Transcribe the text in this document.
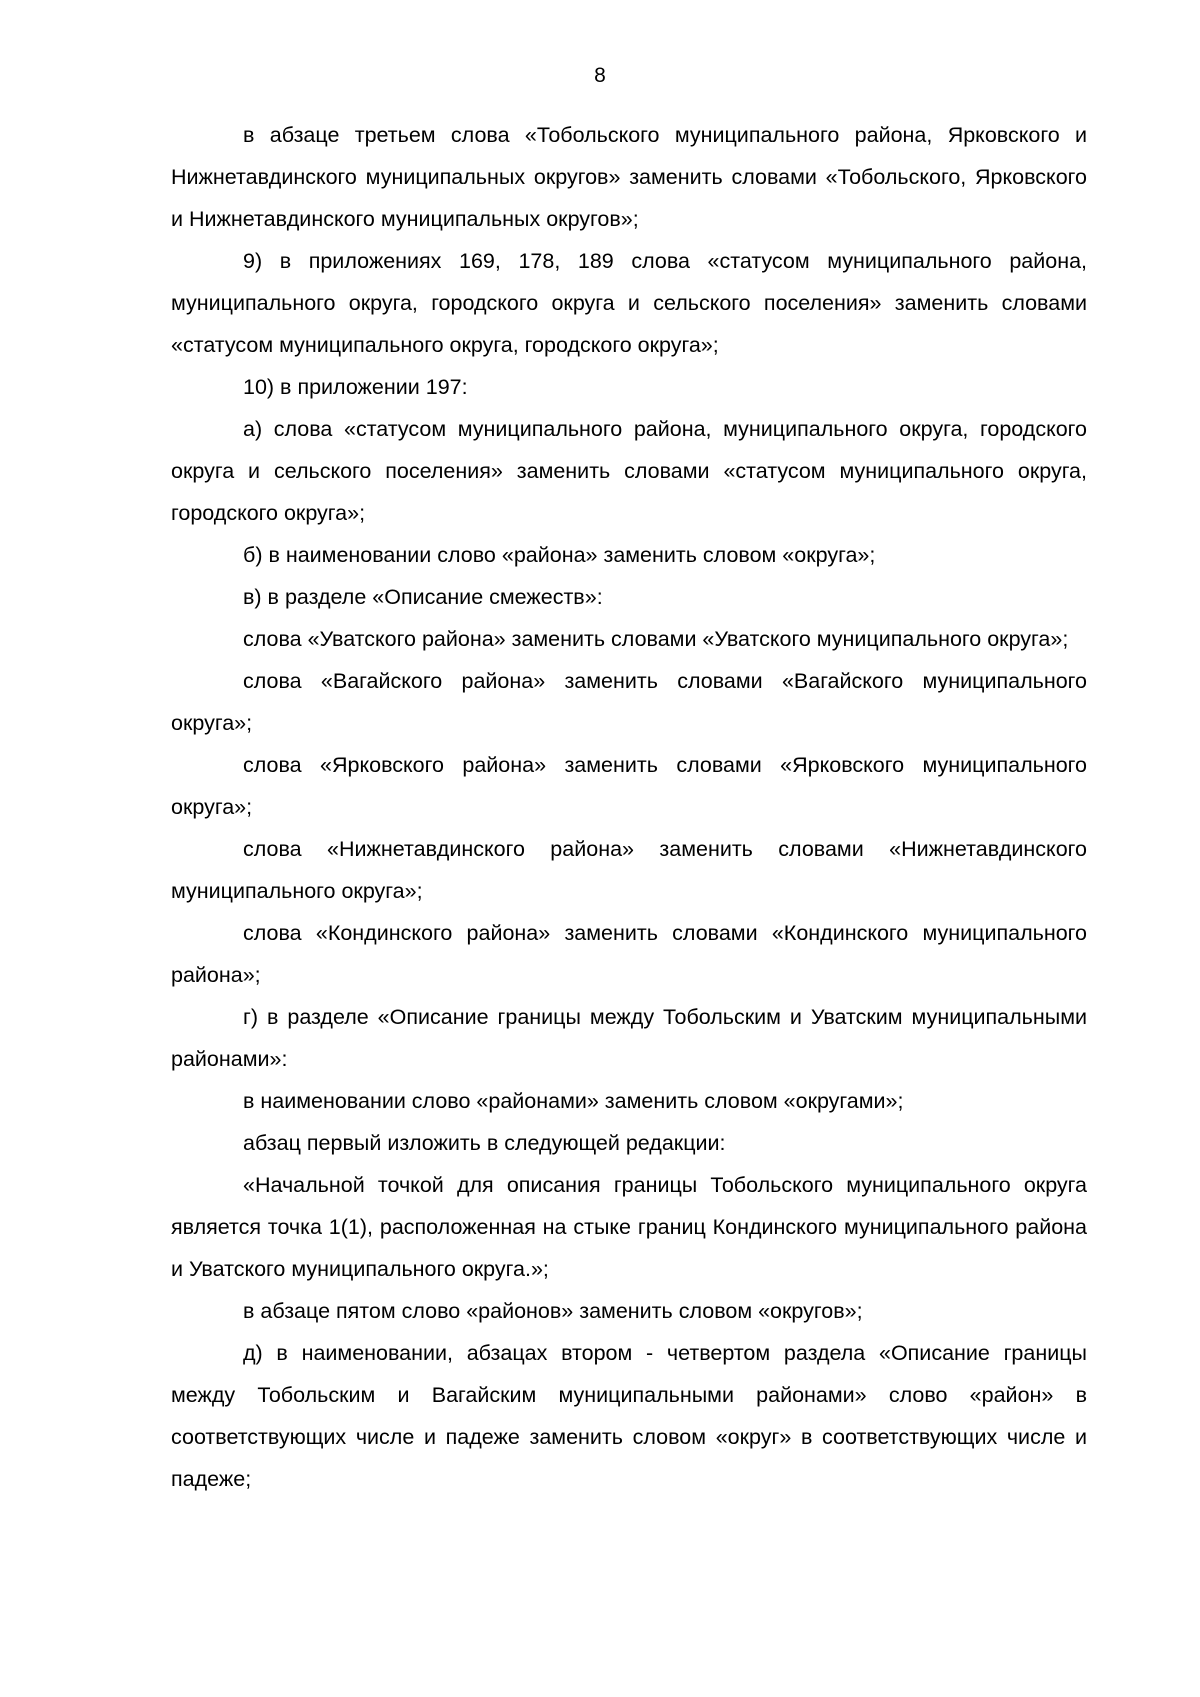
8

в абзаце третьем слова «Тобольского муниципального района, Ярковского и Нижнетавдинского муниципальных округов» заменить словами «Тобольского, Ярковского и Нижнетавдинского муниципальных округов»;

9) в приложениях 169, 178, 189 слова «статусом муниципального района, муниципального округа, городского округа и сельского поселения» заменить словами «статусом муниципального округа, городского округа»;

10) в приложении 197:

а) слова «статусом муниципального района, муниципального округа, городского округа и сельского поселения» заменить словами «статусом муниципального округа, городского округа»;

б) в наименовании слово «района» заменить словом «округа»;

в) в разделе «Описание смежеств»:

слова «Уватского района» заменить словами «Уватского муниципального округа»;

слова «Вагайского района» заменить словами «Вагайского муниципального округа»;

слова «Ярковского района» заменить словами «Ярковского муниципального округа»;

слова «Нижнетавдинского района» заменить словами «Нижнетавдинского муниципального округа»;

слова «Кондинского района» заменить словами «Кондинского муниципального района»;

г) в разделе «Описание границы между Тобольским и Уватским муниципальными районами»:

в наименовании слово «районами» заменить словом «округами»;

абзац первый изложить в следующей редакции:

«Начальной точкой для описания границы Тобольского муниципального округа является точка 1(1), расположенная на стыке границ Кондинского муниципального района и Уватского муниципального округа.»;

в абзаце пятом слово «районов» заменить словом «округов»;

д) в наименовании, абзацах втором - четвертом раздела «Описание границы между Тобольским и Вагайским муниципальными районами» слово «район» в соответствующих числе и падеже заменить словом «округ» в соответствующих числе и падеже;
